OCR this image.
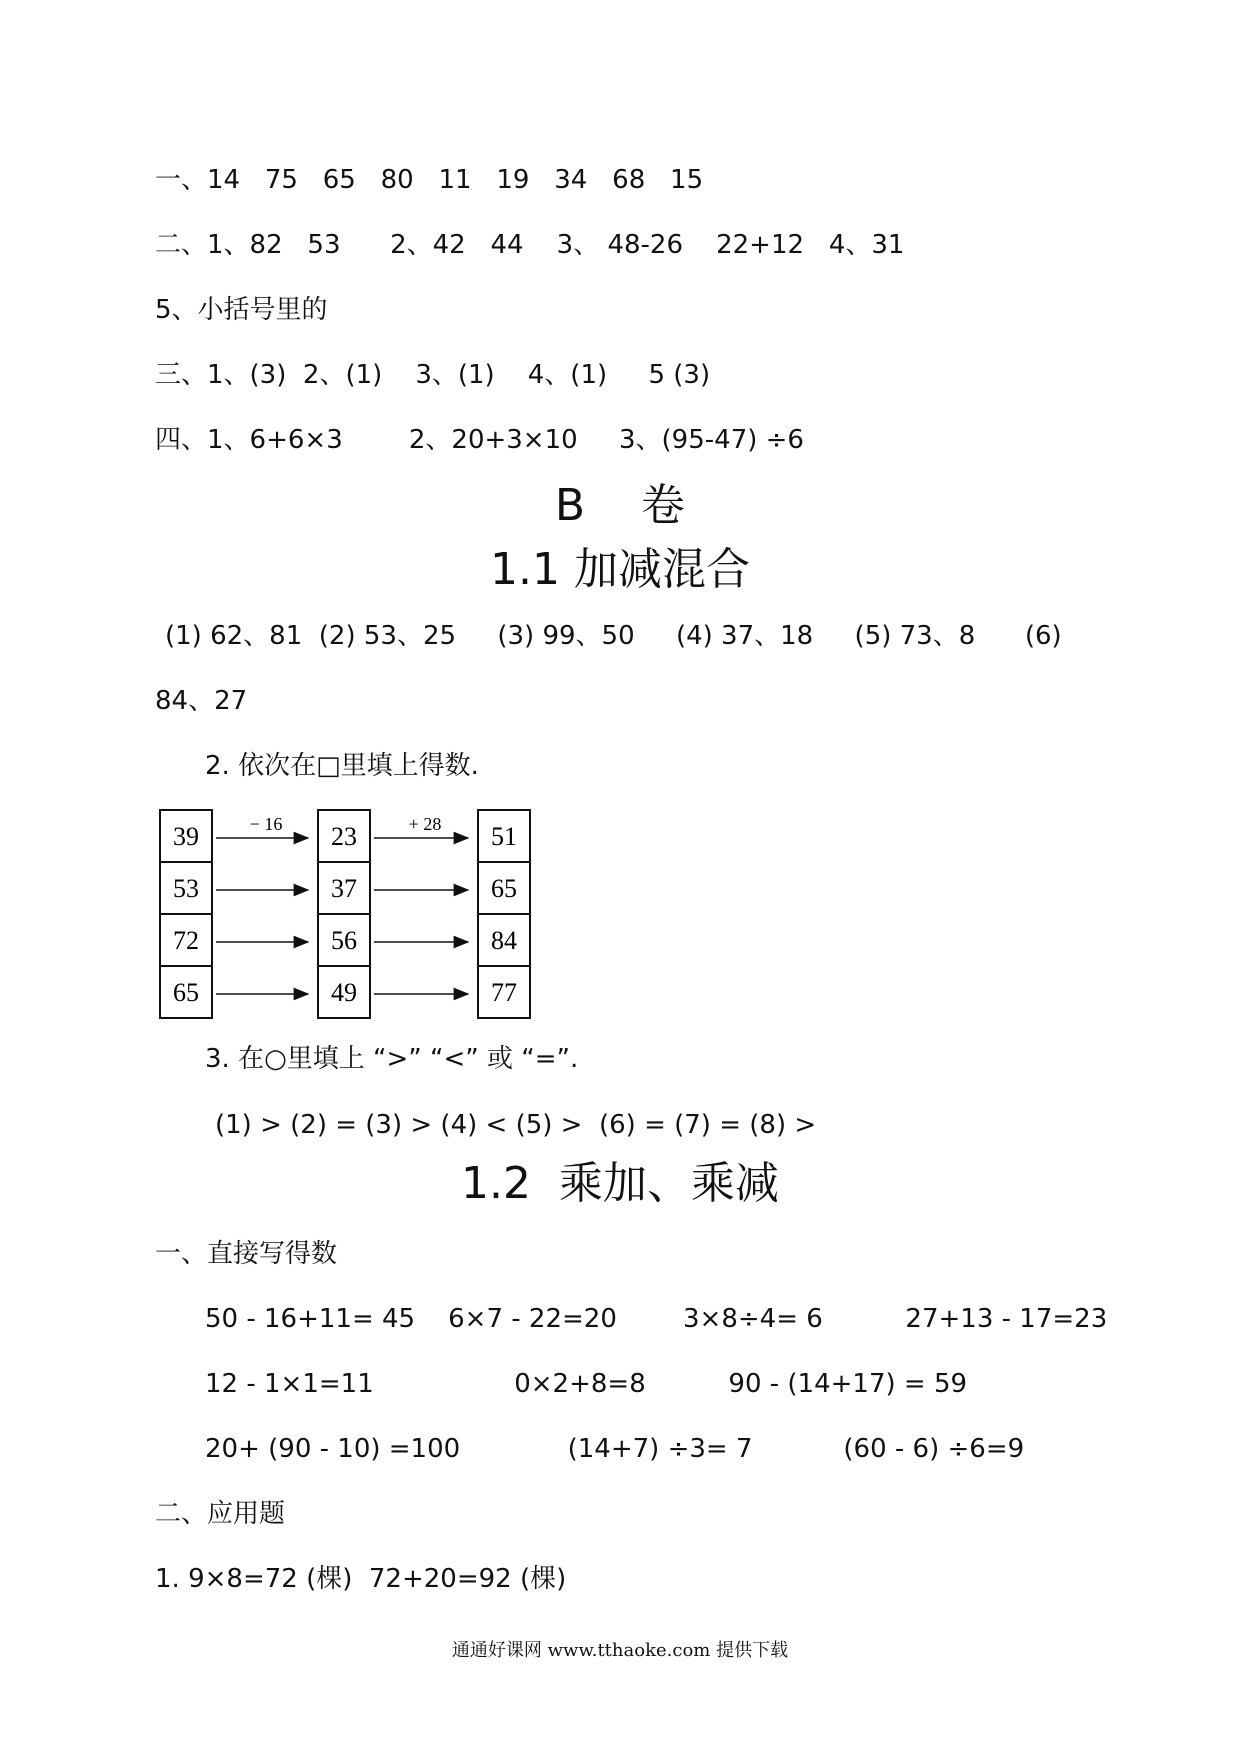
一、14   75   65   80   11   19   34   68   15
二、1、82   53      2、42   44    3、 48-26    22+12   4、31
5、小括号里的
三、1、(3)  2、(1)    3、(1)    4、(1)     5 (3)
四、1、6+6×3        2、20+3×10     3、(95-47) ÷6
B    卷
1.1 加减混合
(1) 62、81  (2) 53、25     (3) 99、50     (4) 37、18     (5) 73、8      (6)
84、27
2. 依次在□里填上得数.
39
53
72
65
23
37
56
49
51
65
84
77
− 16	+ 28
3. 在○里填上 “>” “<” 或 “=”.
(1) > (2) = (3) > (4) < (5) >  (6) = (7) = (8) >
1.2  乘加、乘减
一、直接写得数
50 - 16+11= 45    6×7 - 22=20        3×8÷4= 6          27+13 - 17=23
12 - 1×1=11                 0×2+8=8          90 - (14+17) = 59
20+ (90 - 10) =100             (14+7) ÷3= 7           (60 - 6) ÷6=9
二、应用题
1. 9×8=72 (棵)  72+20=92 (棵)
通通好课网 www.tthaoke.com 提供下载
